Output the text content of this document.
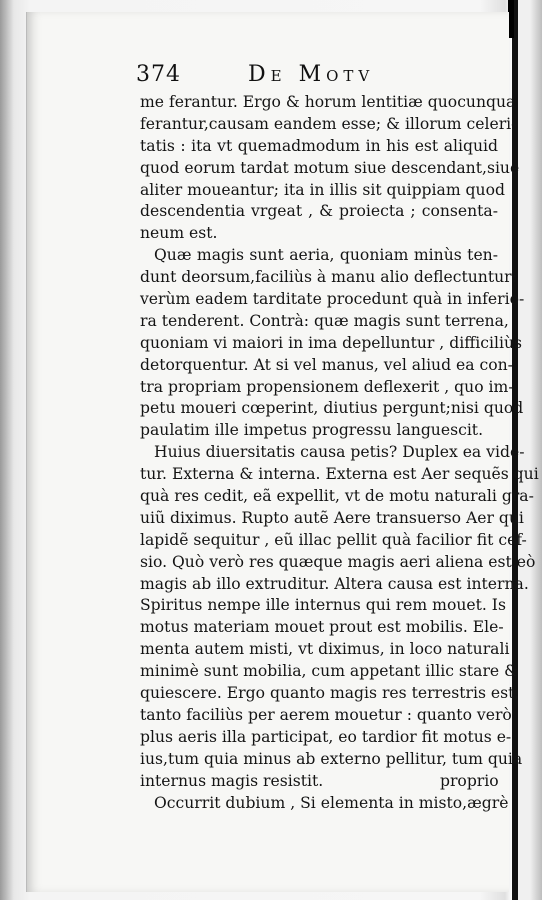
374	De Motv
me ferantur. Ergo & horum lentitiæ quocunqua
ferantur,causam eandem esse; & illorum celeri-
tatis : ita vt quemadmodum in his est aliquid
quod eorum tardat motum siue descendant,siue
aliter moueantur; ita in illis sit quippiam quod
descendentia vrgeat , & proiecta ; consenta-
neum est.
Quæ magis sunt aeria, quoniam minùs ten-
dunt deorsum,faciliùs à manu alio deflectuntur:
verùm eadem tarditate procedunt quà in inferio-
ra tenderent. Contrà: quæ magis sunt terrena,
quoniam vi maiori in ima depelluntur , difficiliùs
detorquentur. At si vel manus, vel aliud ea con-
tra propriam propensionem deflexerit , quo im-
petu moueri cœperint, diutius pergunt;nisi quod
paulatim ille impetus progressu languescit.
Huius diuersitatis causa petis? Duplex ea vide-
tur. Externa & interna. Externa est Aer sequẽs qui
quà res cedit, eã expellit, vt de motu naturali gra-
uiũ diximus. Rupto autẽ Aere transuerso Aer qui
lapidẽ sequitur , eũ illac pellit quà facilior fit cef-
sio. Quò verò res quæque magis aeri aliena est,eò
magis ab illo extruditur. Altera causa est interna.
Spiritus nempe ille internus qui rem mouet. Is
motus materiam mouet prout est mobilis. Ele-
menta autem misti, vt diximus, in loco naturali
minimè sunt mobilia, cum appetant illic stare &
quiescere. Ergo quanto magis res terrestris est,
tanto faciliùs per aerem mouetur : quanto verò
plus aeris illa participat, eo tardior fit motus e-
ius,tum quia minus ab externo pellitur, tum quia
internus magis resistit.
Occurrit dubium , Si elementa in misto,ægrè
proprio
